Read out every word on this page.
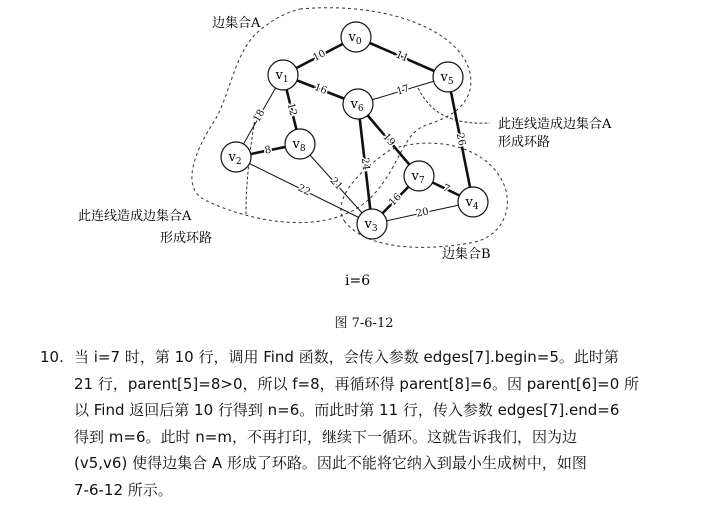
10	11
16
12
18
8
17
26
24
19
21
22
16
7
20
$v_0$
$v_1$
$v_2$
$v_3$
$v_4$
$v_5$
$v_6$
$v_7$
$v_8$
边集合A
边集合B
此连线造成边集合A
形成环路
此连线造成边集合A
形成环路
i=6
图 7-6-12
10. 当 i=7 时，第 10 行，调用 Find 函数，会传入参数 edges[7].begin=5。此时第
21 行，parent[5]=8>0，所以 f=8，再循环得 parent[8]=6。因 parent[6]=0 所
以 Find 返回后第 10 行得到 n=6。而此时第 11 行，传入参数 edges[7].end=6
得到 m=6。此时 n=m，不再打印，继续下一循环。这就告诉我们，因为边
(v5,v6) 使得边集合 A 形成了环路。因此不能将它纳入到最小生成树中，如图
7-6-12 所示。
